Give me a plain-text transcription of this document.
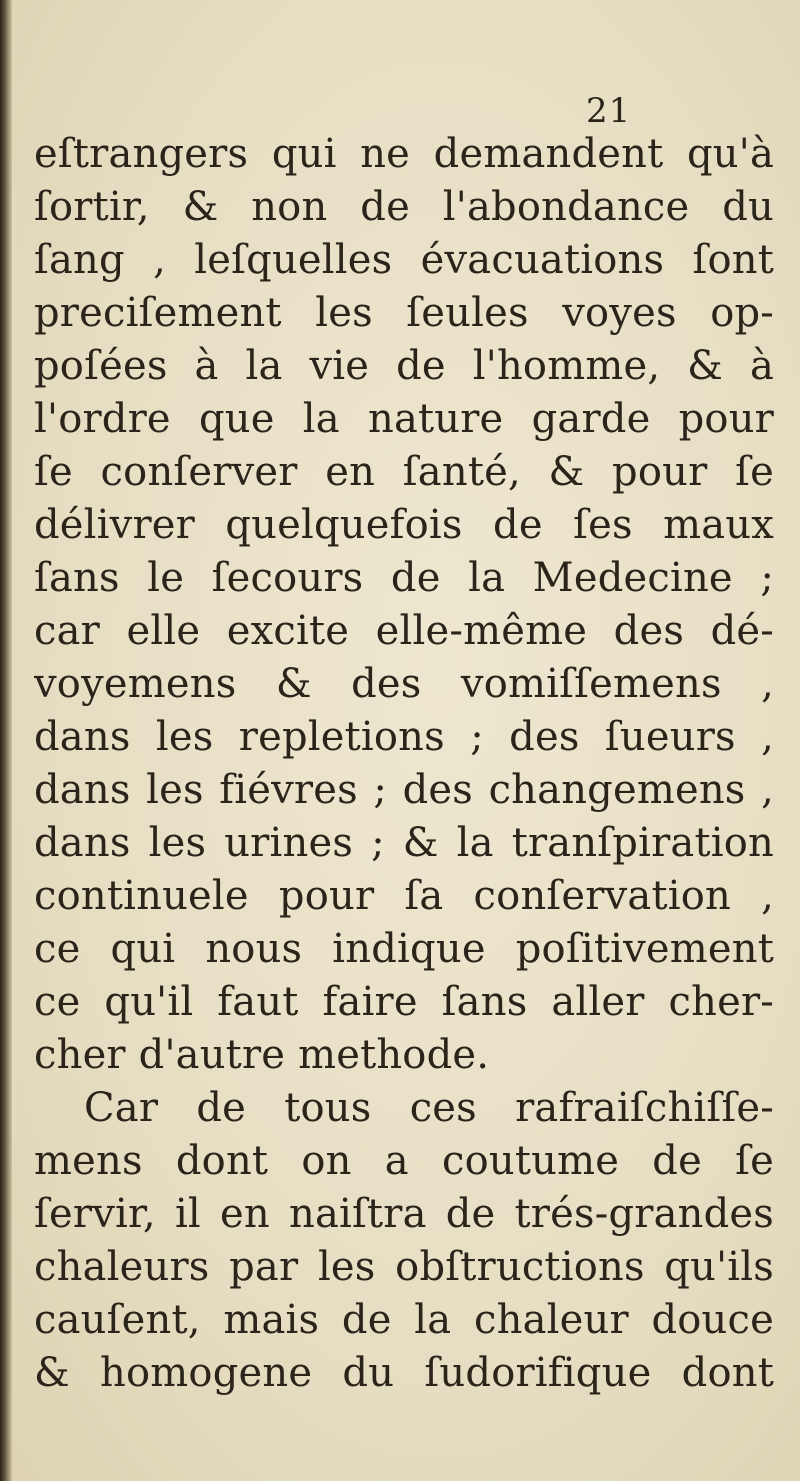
21
eſtrangers qui ne demandent qu'à
ſortir, & non de l'abondance du
ſang , leſquelles évacuations ſont
preciſement les ſeules voyes op-
poſées à la vie de l'homme, & à
l'ordre que la nature garde pour
ſe conſerver en ſanté, & pour ſe
délivrer quelquefois de ſes maux
ſans le ſecours de la Medecine ;
car elle excite elle-même des dé-
voyemens & des vomiſſemens ,
dans les repletions ; des ſueurs ,
dans les fiévres ; des changemens ,
dans les urines ; & la tranſpiration
continuele pour ſa conſervation ,
ce qui nous indique poſitivement
ce qu'il faut faire ſans aller cher-
cher d'autre methode.
Car de tous ces rafraiſchiſſe-
mens dont on a coutume de ſe
ſervir, il en naiſtra de trés-grandes
chaleurs par les obſtructions qu'ils
cauſent, mais de la chaleur douce
& homogene du ſudorifique dont
